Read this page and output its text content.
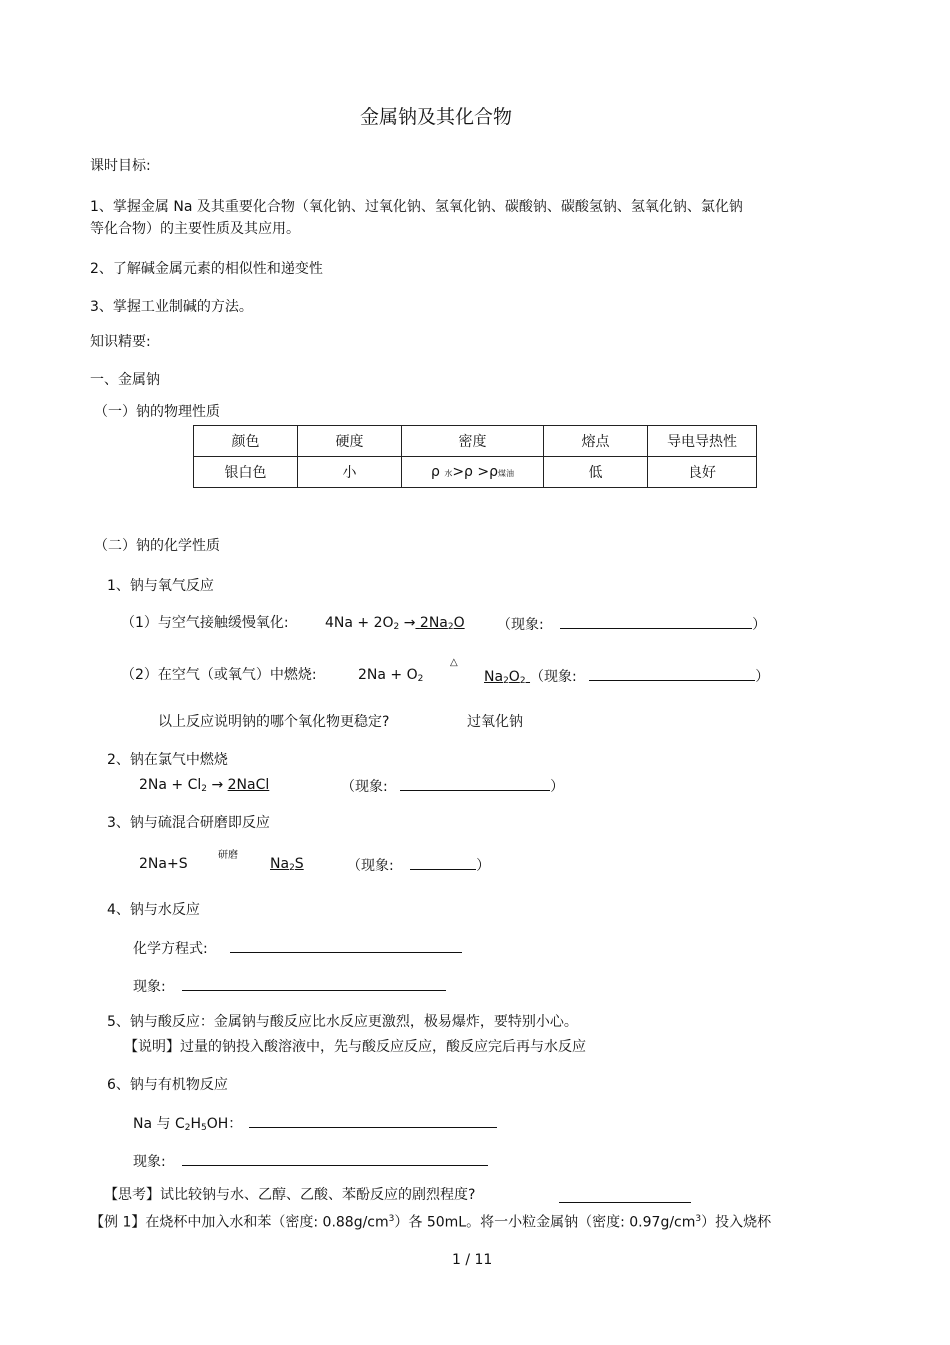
金属钠及其化合物
课时目标:
1、掌握金属 Na 及其重要化合物（氧化钠、过氧化钠、氢氧化钠、碳酸钠、碳酸氢钠、氢氧化钠、氯化钠
等化合物）的主要性质及其应用。
2、了解碱金属元素的相似性和递变性
3、掌握工业制碱的方法。
知识精要:
一、金属钠
（一）钠的物理性质
颜色	硬度	密度	熔点	导电导热性
银白色	小	ρ 水>ρ >ρ煤油	低	良好
（二）钠的化学性质
1、钠与氧气反应
（1）与空气接触缓慢氧化:	$4Na + 2O_2 \to 2Na_2O$ （现象:	）
△
（2）在空气（或氧气）中燃烧:	$2Na + O_2$	$Na_2O_2$ （现象:	）
以上反应说明钠的哪个氧化物更稳定?	过氧化钠
2、钠在氯气中燃烧
$2Na + Cl_2$ → 2NaCl	（现象:	）
3、钠与硫混合研磨即反应
研磨
2Na+S	$Na_2S$	（现象:	）
4、钠与水反应
化学方程式:
现象:
5、钠与酸反应：金属钠与酸反应比水反应更激烈，极易爆炸，要特别小心。
【说明】过量的钠投入酸溶液中，先与酸反应反应，酸反应完后再与水反应
6、钠与有机物反应
Na 与 $C_2H_5OH$：
现象:
【思考】试比较钠与水、乙醇、乙酸、苯酚反应的剧烈程度?
【例 1】在烧杯中加入水和苯（密度: $0.88g/cm^3$）各 50mL。将一小粒金属钠（密度: $0.97g/cm^3$）投入烧杯
1 / 11
